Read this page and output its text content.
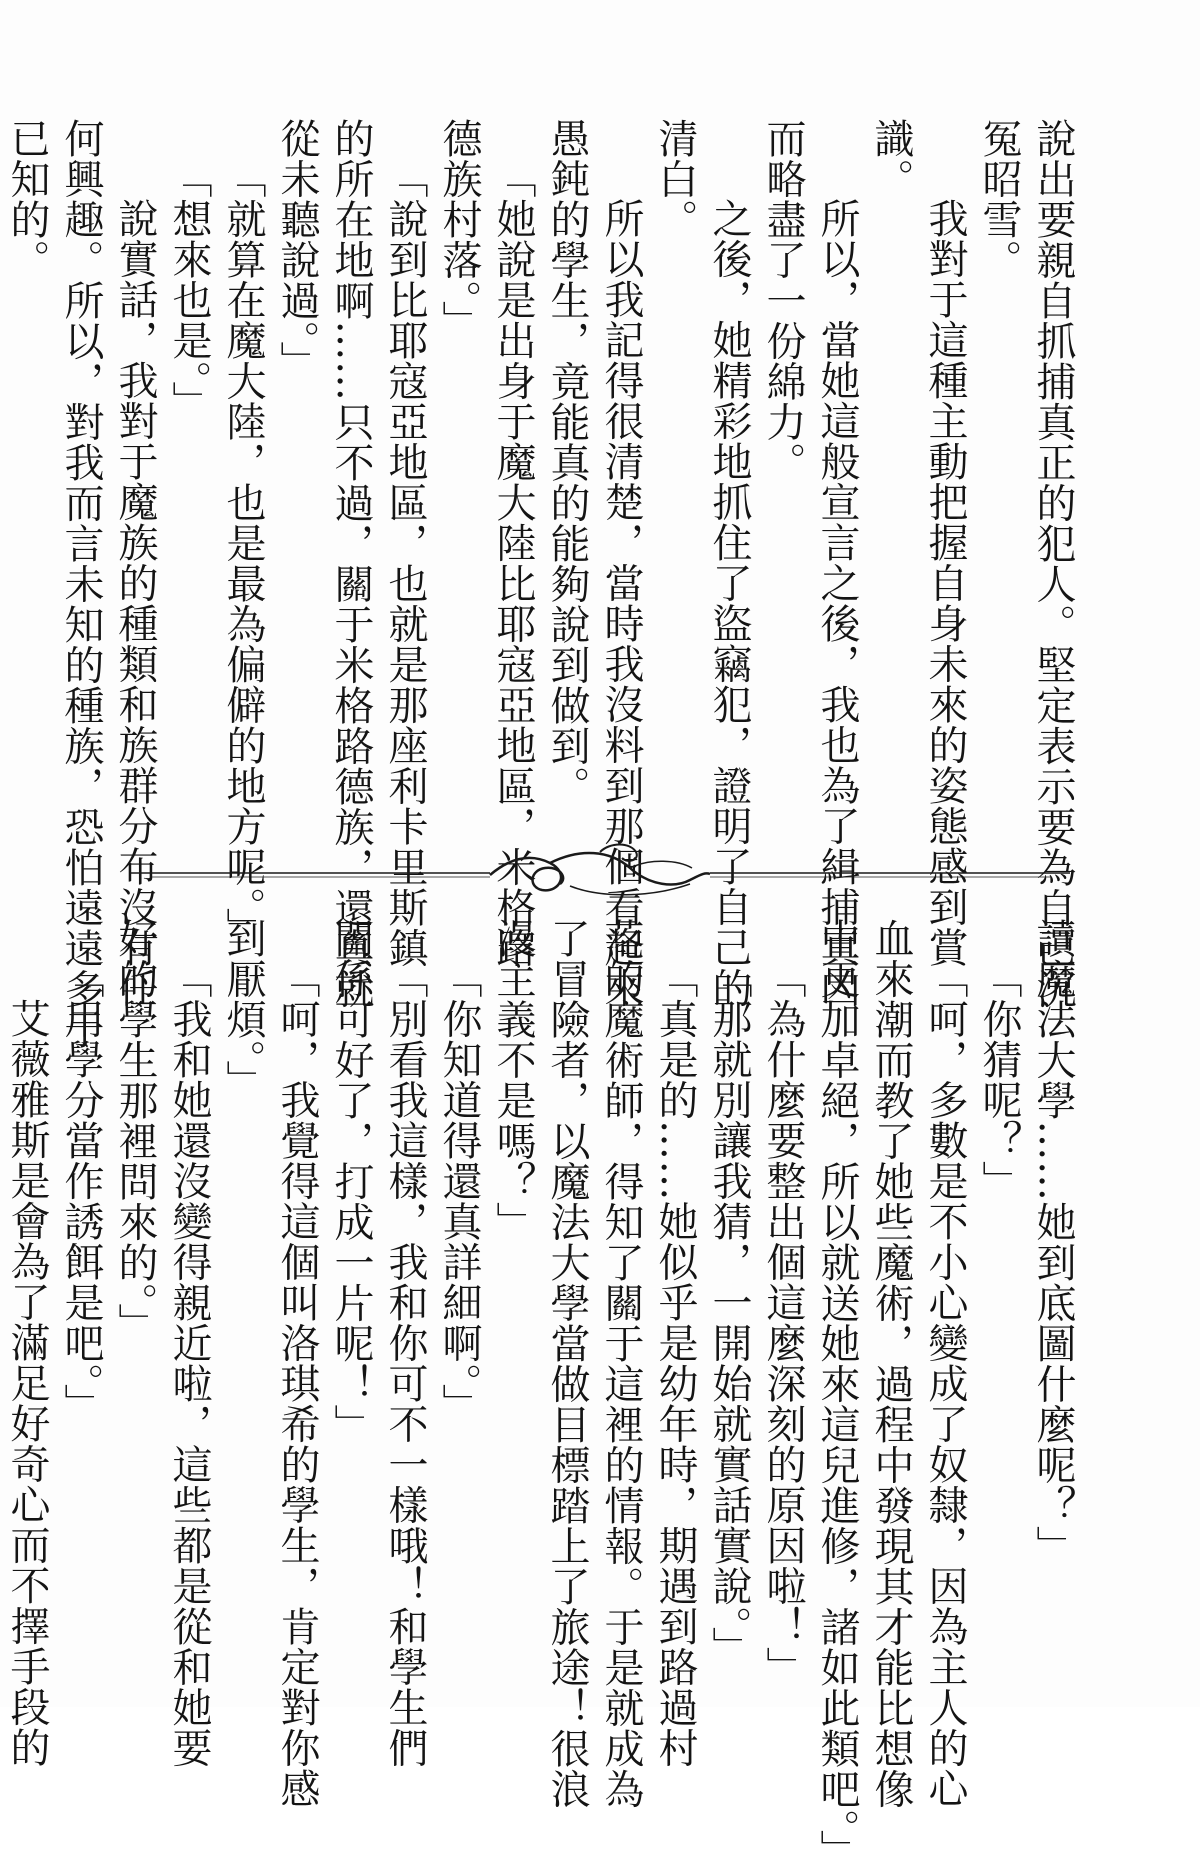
說出要親自抓捕真正的犯人。堅定表示要為自己沉
冤昭雪。
我對于這種主動把握自身未來的姿態感到賞
識。
所以，當她這般宣言之後，我也為了緝捕真凶
而略盡了一份綿力。
之後，她精彩地抓住了盜竊犯，證明了自己的
清白。
所以我記得很清楚，當時我沒料到那個看起來
愚鈍的學生，竟能真的能夠說到做到。
「她說是出身于魔大陸比耶寇亞地區，米格路
德族村落。」
「說到比耶寇亞地區，也就是那座利卡里斯鎮
的所在地啊……只不過，關于米格路德族，還真就
從未聽說過。」
「就算在魔大陸，也是最為偏僻的地方呢。」
「想來也是。」
說實話，我對于魔族的種類和族群分布沒有任
何興趣。所以，對我而言未知的種族，恐怕遠遠多于
已知的。
讀魔法大學……她到底圖什麼呢？」
「你猜呢？」
「呵，多數是不小心變成了奴隸，因為主人的心
血來潮而教了她些魔術，過程中發現其才能比想像
中更加卓絕，所以就送她來這兒進修，諸如此類吧。」
「為什麼要整出個這麼深刻的原因啦！」
「那就別讓我猜，一開始就實話實說。」
「真是的……她似乎是幼年時，期遇到路過村
落的魔術師，得知了關于這裡的情報。于是就成為
了冒險者，以魔法大學當做目標踏上了旅途！很浪
漫主義不是嗎？」
「你知道得還真詳細啊。」
「別看我這樣，我和你可不一樣哦！和學生們
關係可好了，打成一片呢！」
「呵，我覺得這個叫洛琪希的學生，肯定對你感
到厭煩。」
「我和她還沒變得親近啦，這些都是從和她要
好的學生那裡問來的。」
「用學分當作誘餌是吧。」
艾薇雅斯是會為了滿足好奇心而不擇手段的
